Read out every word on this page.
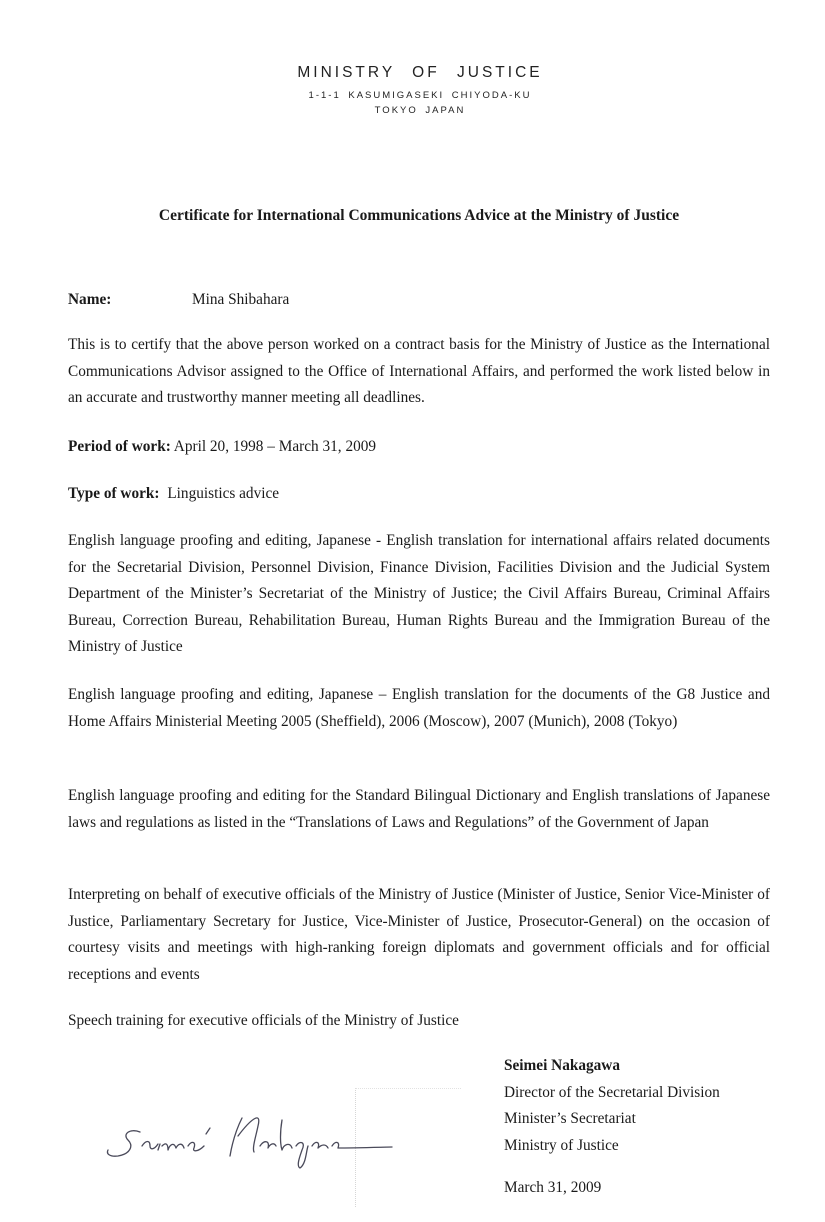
MINISTRY OF JUSTICE
1-1-1 KASUMIGASEKI CHIYODA-KU
TOKYO JAPAN
Certificate for International Communications Advice at the Ministry of Justice
Name:	Mina Shibahara
This is to certify that the above person worked on a contract basis for the Ministry of Justice as the International Communications Advisor assigned to the Office of International Affairs, and performed the work listed below in an accurate and trustworthy manner meeting all deadlines.
Period of work: April 20, 1998 – March 31, 2009
Type of work: Linguistics advice
English language proofing and editing, Japanese - English translation for international affairs related documents for the Secretarial Division, Personnel Division, Finance Division, Facilities Division and the Judicial System Department of the Minister’s Secretariat of the Ministry of Justice; the Civil Affairs Bureau, Criminal Affairs Bureau, Correction Bureau, Rehabilitation Bureau, Human Rights Bureau and the Immigration Bureau of the Ministry of Justice
English language proofing and editing, Japanese – English translation for the documents of the G8 Justice and Home Affairs Ministerial Meeting 2005 (Sheffield), 2006 (Moscow), 2007 (Munich), 2008 (Tokyo)
English language proofing and editing for the Standard Bilingual Dictionary and English translations of Japanese laws and regulations as listed in the “Translations of Laws and Regulations” of the Government of Japan
Interpreting on behalf of executive officials of the Ministry of Justice (Minister of Justice, Senior Vice-Minister of Justice, Parliamentary Secretary for Justice, Vice-Minister of Justice, Prosecutor-General) on the occasion of courtesy visits and meetings with high-ranking foreign diplomats and government officials and for official receptions and events
Speech training for executive officials of the Ministry of Justice
Seimei Nakagawa
Director of the Secretarial Division
Minister’s Secretariat
Ministry of Justice
March 31, 2009
